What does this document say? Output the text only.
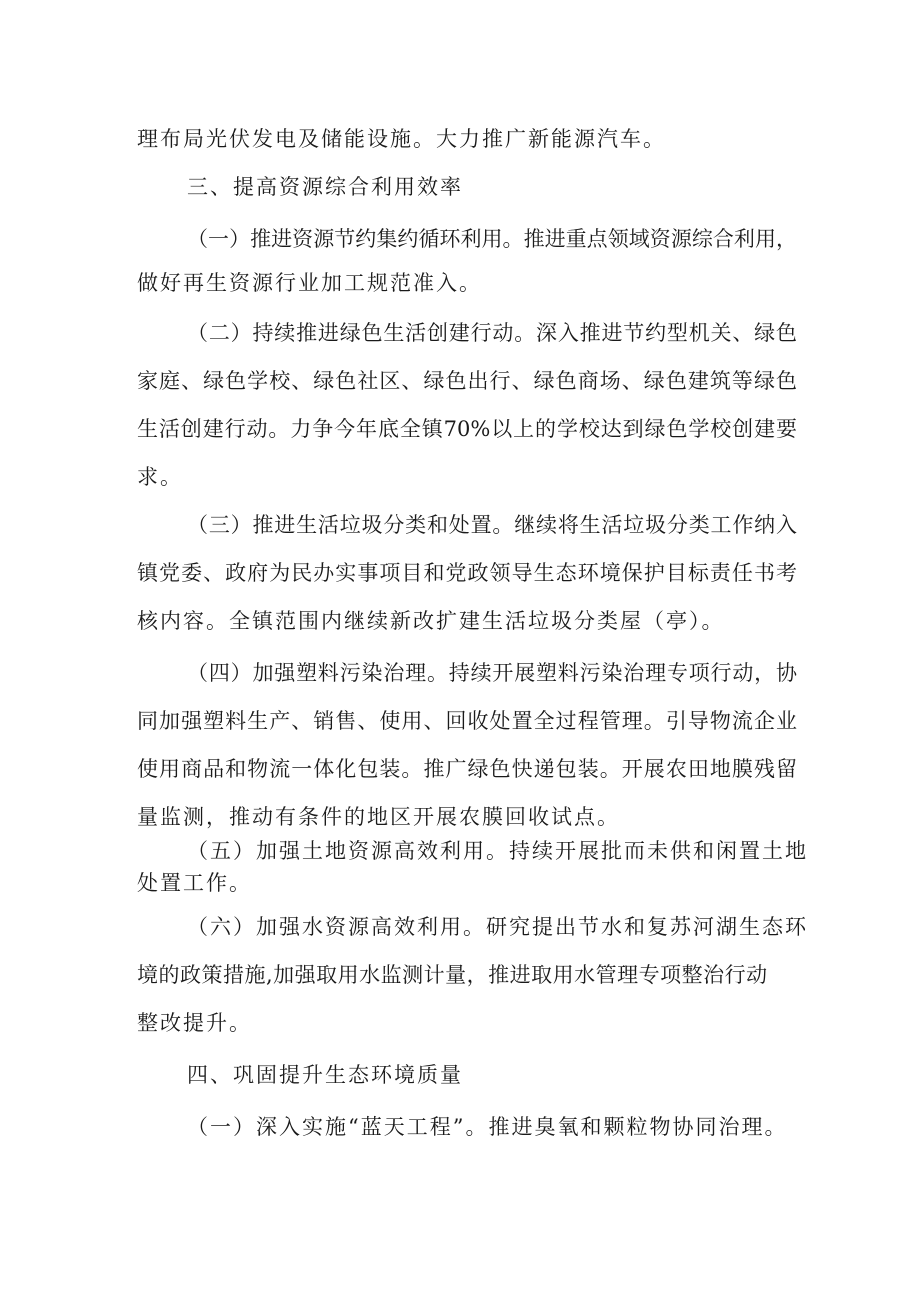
理布局光伏发电及储能设施。大力推广新能源汽车。
三、提高资源综合利用效率
（一）推进资源节约集约循环利用。推进重点领域资源综合利用，
做好再生资源行业加工规范准入。
（二）持续推进绿色生活创建行动。深入推进节约型机关、绿色
家庭、绿色学校、绿色社区、绿色出行、绿色商场、绿色建筑等绿色
生活创建行动。力争今年底全镇70%以上的学校达到绿色学校创建要
求。
（三）推进生活垃圾分类和处置。继续将生活垃圾分类工作纳入
镇党委、政府为民办实事项目和党政领导生态环境保护目标责任书考
核内容。全镇范围内继续新改扩建生活垃圾分类屋（亭）。
（四）加强塑料污染治理。持续开展塑料污染治理专项行动，协
同加强塑料生产、销售、使用、回收处置全过程管理。引导物流企业
使用商品和物流一体化包装。推广绿色快递包装。开展农田地膜残留
量监测，推动有条件的地区开展农膜回收试点。
（五）加强土地资源高效利用。持续开展批而未供和闲置土地
处置工作。
（六）加强水资源高效利用。研究提出节水和复苏河湖生态环
境的政策措施,加强取用水监测计量，推进取用水管理专项整治行动
整改提升。
四、巩固提升生态环境质量
（一）深入实施“蓝天工程”。推进臭氧和颗粒物协同治理。
